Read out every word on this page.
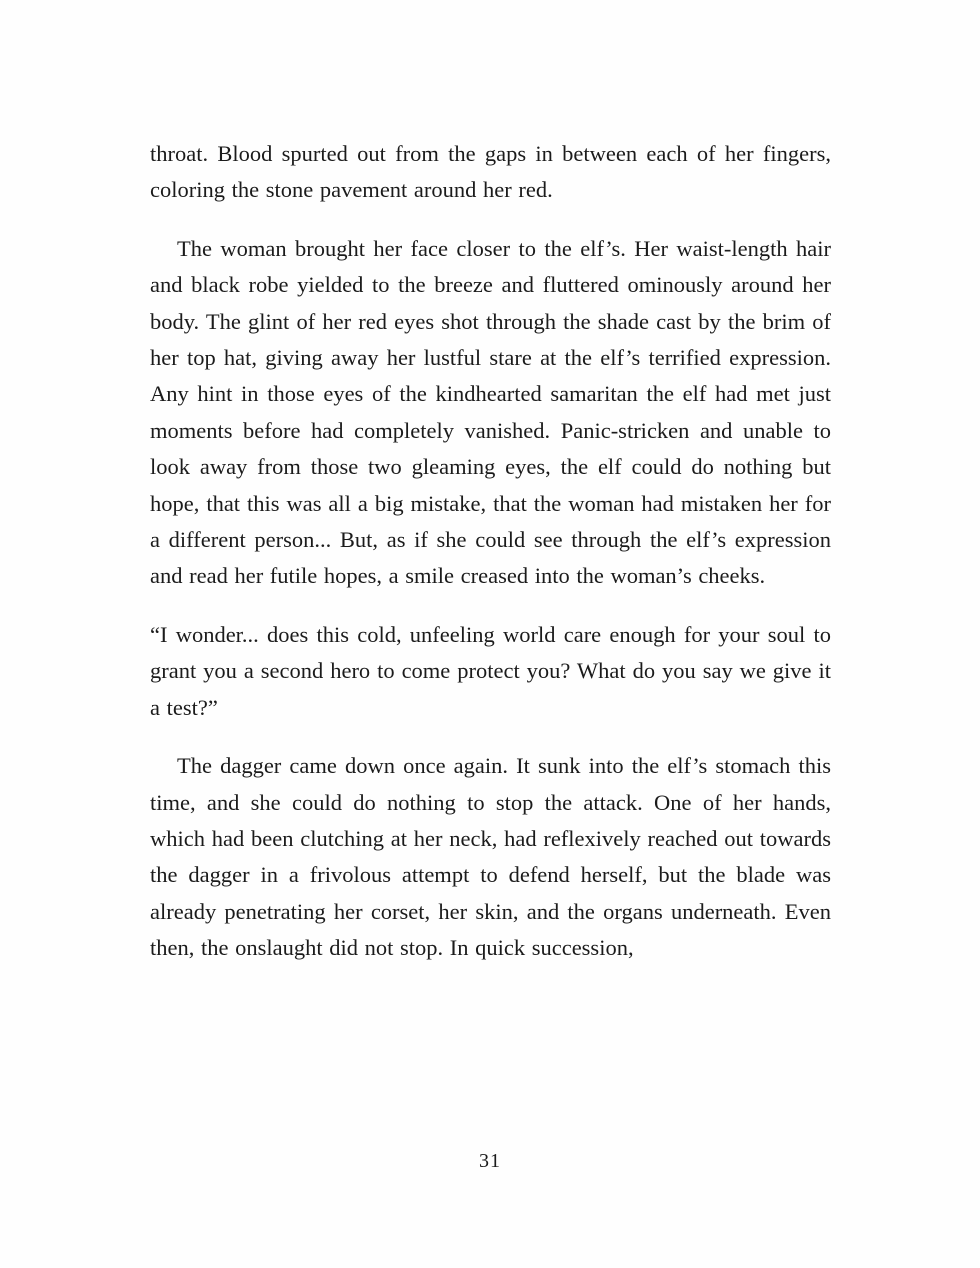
throat. Blood spurted out from the gaps in between each of her fingers, coloring the stone pavement around her red.

The woman brought her face closer to the elf’s. Her waist-length hair and black robe yielded to the breeze and fluttered ominously around her body. The glint of her red eyes shot through the shade cast by the brim of her top hat, giving away her lustful stare at the elf’s terrified expression. Any hint in those eyes of the kindhearted samaritan the elf had met just moments before had completely vanished. Panic-stricken and unable to look away from those two gleaming eyes, the elf could do nothing but hope, that this was all a big mistake, that the woman had mistaken her for a different person... But, as if she could see through the elf’s expression and read her futile hopes, a smile creased into the woman’s cheeks.

“I wonder... does this cold, unfeeling world care enough for your soul to grant you a second hero to come protect you? What do you say we give it a test?”

The dagger came down once again. It sunk into the elf’s stomach this time, and she could do nothing to stop the attack. One of her hands, which had been clutching at her neck, had reflexively reached out towards the dagger in a frivolous attempt to defend herself, but the blade was already penetrating her corset, her skin, and the organs underneath. Even then, the onslaught did not stop. In quick succession,

31
